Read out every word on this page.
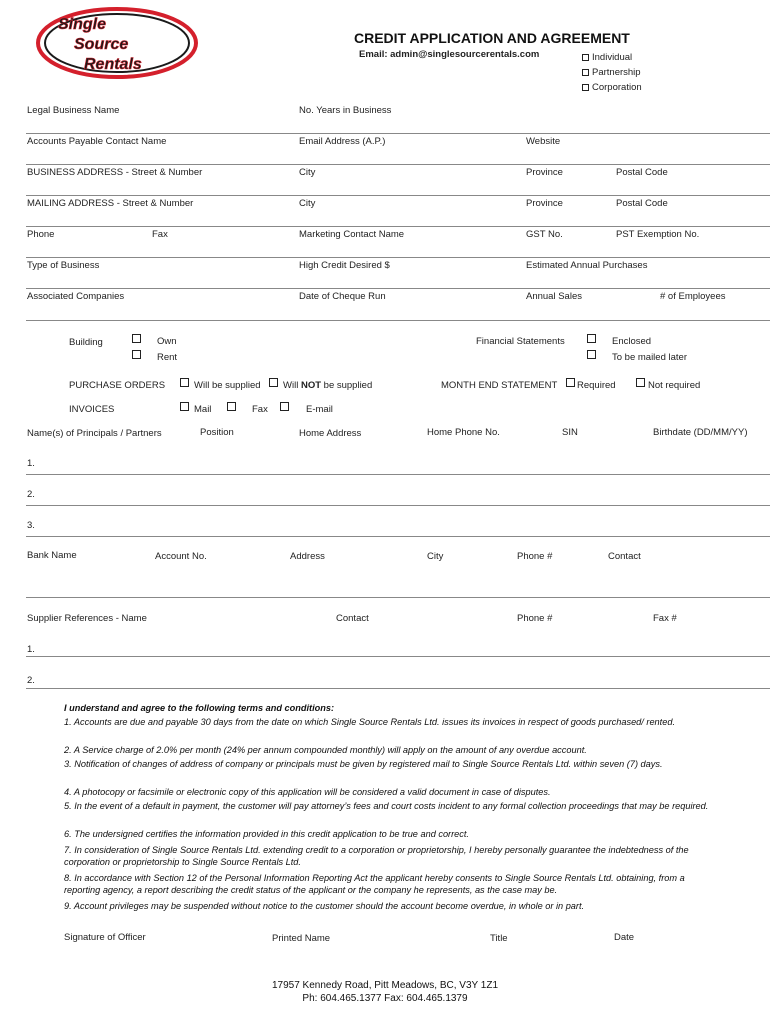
Single
Source
Rentals
CREDIT APPLICATION AND AGREEMENT
Email: admin@singlesourcerentals.com	Individual
Partnership
Corporation
Legal Business Name	No. Years in Business
Accounts Payable Contact Name	Email Address (A.P.)	Website
BUSINESS ADDRESS - Street & Number	City	Province	Postal Code
MAILING ADDRESS - Street & Number	City	Province	Postal Code
Phone	Fax	Marketing Contact Name	GST No.	PST Exemption No.
Type of Business	High Credit Desired $	Estimated Annual Purchases
Associated Companies	Date of Cheque Run	Annual Sales	# of Employees
Building	Own
Rent
Financial Statements	Enclosed
To be mailed later
PURCHASE ORDERS	Will be supplied Will NOT be supplied	MONTH END STATEMENT Required	Not required
INVOICES	Mail	Fax	E-mail
Name(s) of Principals / Partners	Position	Home Address	Home Phone No.	SIN	Birthdate (DD/MM/YY)
1.
2.
3.
Bank Name	Account No.	Address	City	Phone #	Contact
Supplier References - Name	Contact	Phone #	Fax #
1.
2.
I understand and agree to the following terms and conditions:
1. Accounts are due and payable 30 days from the date on which Single Source Rentals Ltd. issues its invoices in respect of goods purchased/ rented.
2. A Service charge of 2.0% per month (24% per annum compounded monthly) will apply on the amount of any overdue account.
3. Notification of changes of address of company or principals must be given by registered mail to Single Source Rentals Ltd. within seven (7) days.
4. A photocopy or facsimile or electronic copy of this application will be considered a valid document in case of disputes.
5. In the event of a default in payment, the customer will pay attorney’s fees and court costs incident to any formal collection proceedings that may be required.
6. The undersigned certifies the information provided in this credit application to be true and correct.
7. In consideration of Single Source Rentals Ltd. extending credit to a corporation or proprietorship, I hereby personally guarantee the indebtedness of the corporation or proprietorship to Single Source Rentals Ltd.
8. In accordance with Section 12 of the Personal Information Reporting Act the applicant hereby consents to Single Source Rentals Ltd. obtaining, from a reporting agency, a report describing the credit status of the applicant or the company he represents, as the case may be.
9. Account privileges may be suspended without notice to the customer should the account become overdue, in whole or in part.
Signature of Officer	Printed Name	Title	Date
17957 Kennedy Road, Pitt Meadows, BC, V3Y 1Z1
Ph: 604.465.1377 Fax: 604.465.1379
